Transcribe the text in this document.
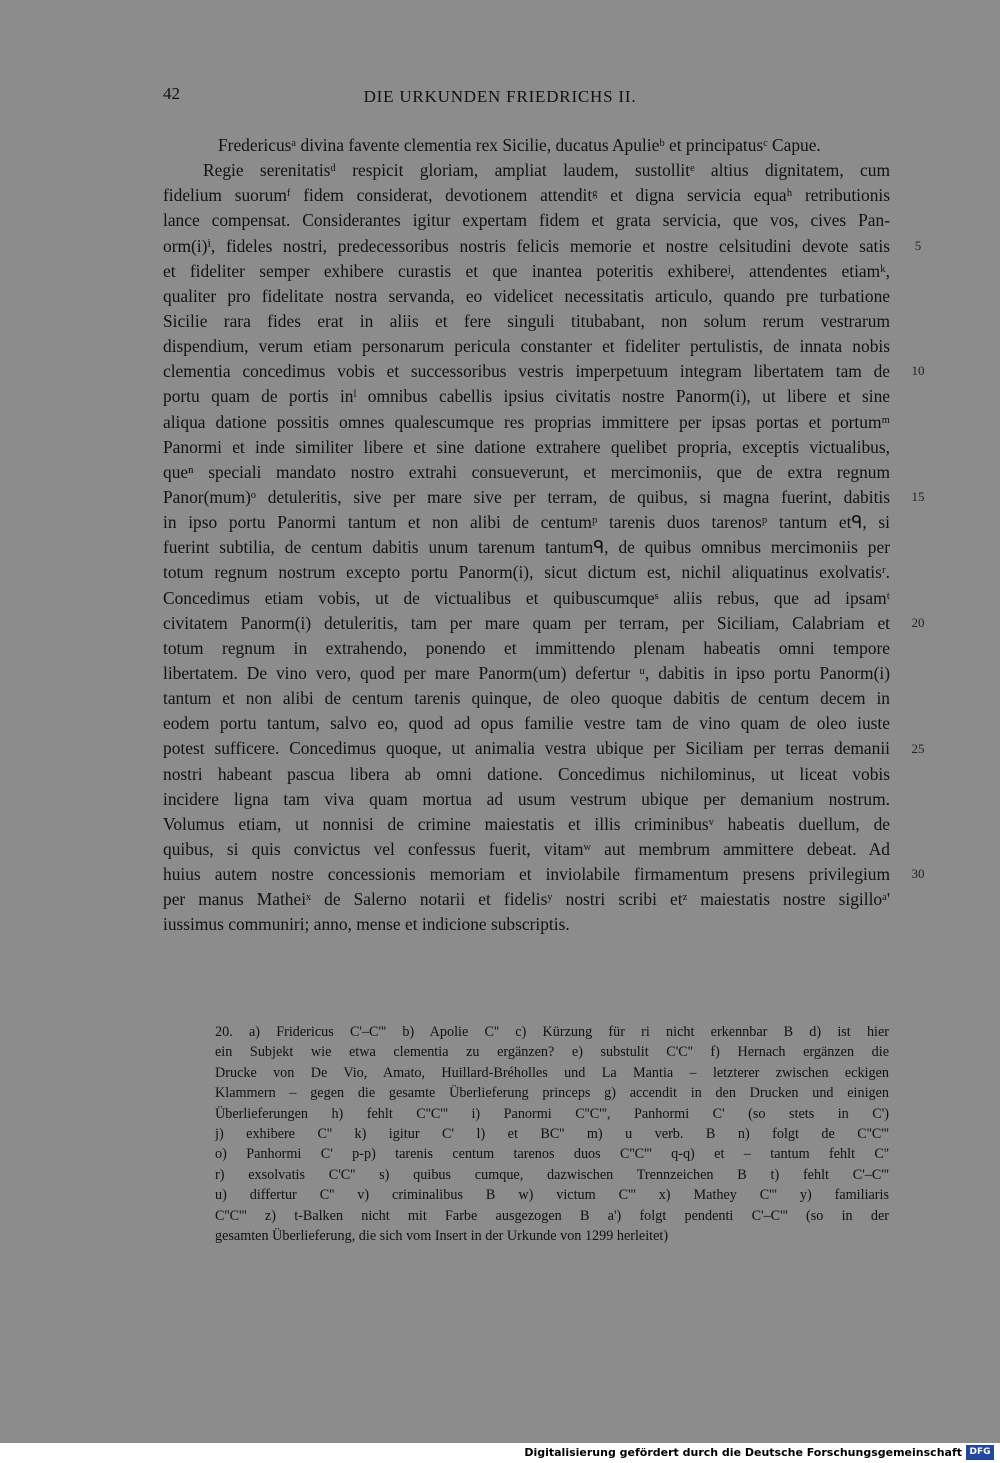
42	DIE URKUNDEN FRIEDRICHS II.
Fredericusᵃ divina favente clementia rex Sicilie, ducatus Apulieᵇ et principatusᶜ Capue.
Regie serenitatisᵈ respicit gloriam, ampliat laudem, sustollitᵉ altius dignitatem, cum
fidelium suorumᶠ fidem considerat, devotionem attenditᵍ et digna servicia equaʰ retributionis
lance compensat. Considerantes igitur expertam fidem et grata servicia, que vos, cives Pan-
orm(i)ⁱ, fideles nostri, predecessoribus nostris felicis memorie et nostre celsitudini devote satis
et fideliter semper exhibere curastis et que inantea poteritis exhibereʲ, attendentes etiamᵏ,
qualiter pro fidelitate nostra servanda, eo videlicet necessitatis articulo, quando pre turbatione
Sicilie rara fides erat in aliis et fere singuli titubabant, non solum rerum vestrarum
dispendium, verum etiam personarum pericula constanter et fideliter pertulistis, de innata nobis
clementia concedimus vobis et successoribus vestris imperpetuum integram libertatem tam de
portu quam de portis inˡ omnibus cabellis ipsius civitatis nostre Panorm(i), ut libere et sine
aliqua datione possitis omnes qualescumque res proprias immittere per ipsas portas et portumᵐ
Panormi et inde similiter libere et sine datione extrahere quelibet propria, exceptis victualibus,
queⁿ speciali mandato nostro extrahi consueverunt, et mercimoniis, que de extra regnum
Panor(mum)ᵒ detuleritis, sive per mare sive per terram, de quibus, si magna fuerint, dabitis
in ipso portu Panormi tantum et non alibi de centumᵖ tarenis duos tarenosᵖ tantum etᑫ, si
fuerint subtilia, de centum dabitis unum tarenum tantumᑫ, de quibus omnibus mercimoniis per
totum regnum nostrum excepto portu Panorm(i), sicut dictum est, nichil aliquatinus exolvatisʳ.
Concedimus etiam vobis, ut de victualibus et quibuscumqueˢ aliis rebus, que ad ipsamᵗ
civitatem Panorm(i) detuleritis, tam per mare quam per terram, per Siciliam, Calabriam et
totum regnum in extrahendo, ponendo et immittendo plenam habeatis omni tempore
libertatem. De vino vero, quod per mare Panorm(um) defertur ᵘ, dabitis in ipso portu Panorm(i)
tantum et non alibi de centum tarenis quinque, de oleo quoque dabitis de centum decem in
eodem portu tantum, salvo eo, quod ad opus familie vestre tam de vino quam de oleo iuste
potest sufficere. Concedimus quoque, ut animalia vestra ubique per Siciliam per terras demanii
nostri habeant pascua libera ab omni datione. Concedimus nichilominus, ut liceat vobis
incidere ligna tam viva quam mortua ad usum vestrum ubique per demanium nostrum.
Volumus etiam, ut nonnisi de crimine maiestatis et illis criminibusᵛ habeatis duellum, de
quibus, si quis convictus vel confessus fuerit, vitamʷ aut membrum ammittere debeat. Ad
huius autem nostre concessionis memoriam et inviolabile firmamentum presens privilegium
per manus Matheiˣ de Salerno notarii et fidelisʸ nostri scribi etᶻ maiestatis nostre sigilloᵃ'
iussimus communiri; anno, mense et indicione subscriptis.
5
10
15
20
25
30
20. a) Fridericus C'–C''' b) Apolie C'' c) Kürzung für ri nicht erkennbar B d) ist hier
ein Subjekt wie etwa clementia zu ergänzen? e) substulit C'C'' f) Hernach ergänzen die
Drucke von De Vio, Amato, Huillard-Bréholles und La Mantia – letzterer zwischen eckigen
Klammern – gegen die gesamte Überlieferung princeps g) accendit in den Drucken und einigen
Überlieferungen h) fehlt C''C''' i) Panormi C''C''', Panhormi C' (so stets in C')
j) exhibere C'' k) igitur C' l) et BC'' m) u verb. B n) folgt de C''C'''
o) Panhormi C' p-p) tarenis centum tarenos duos C''C''' q-q) et – tantum fehlt C''
r) exsolvatis C'C'' s) quibus cumque, dazwischen Trennzeichen B t) fehlt C'–C'''
u) differtur C'' v) criminalibus B w) victum C''' x) Mathey C''' y) familiaris
C''C''' z) t-Balken nicht mit Farbe ausgezogen B a') folgt pendenti C'–C''' (so in der
gesamten Überlieferung, die sich vom Insert in der Urkunde von 1299 herleitet)
Digitalisierung gefördert durch die Deutsche Forschungsgemeinschaft DFG
